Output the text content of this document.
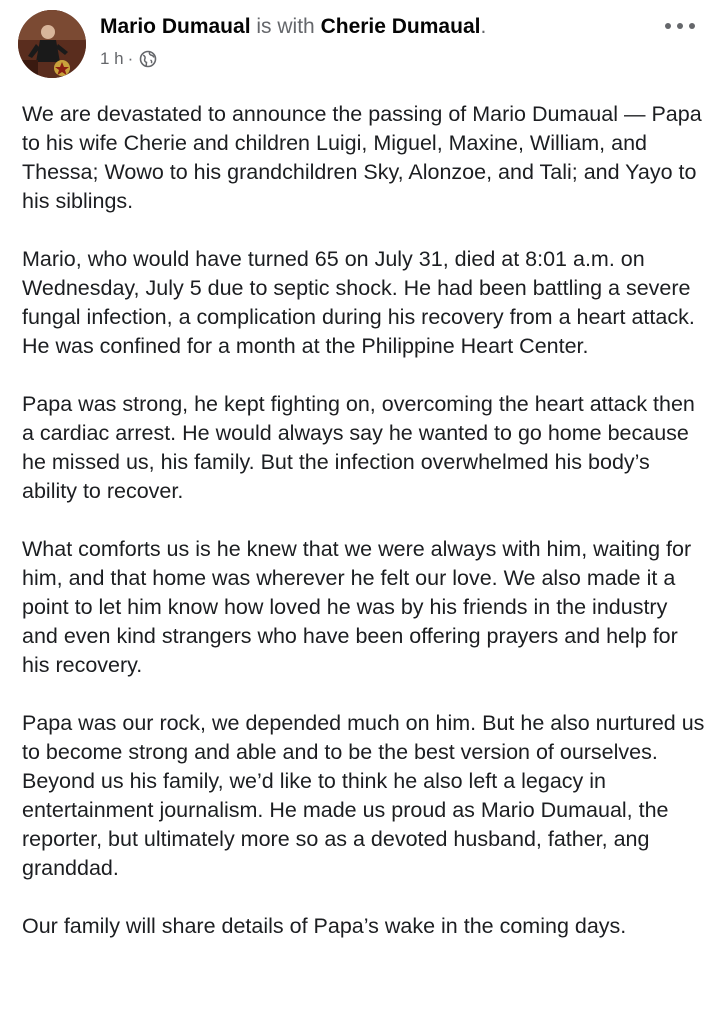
Mario Dumaual is with Cherie Dumaual.
1 h ·

We are devastated to announce the passing of Mario Dumaual — Papa to his wife Cherie and children Luigi, Miguel, Maxine, William, and Thessa; Wowo to his grandchildren Sky, Alonzoe, and Tali; and Yayo to his siblings.

Mario, who would have turned 65 on July 31, died at 8:01 a.m. on Wednesday, July 5 due to septic shock. He had been battling a severe fungal infection, a complication during his recovery from a heart attack. He was confined for a month at the Philippine Heart Center.

Papa was strong, he kept fighting on, overcoming the heart attack then a cardiac arrest. He would always say he wanted to go home because he missed us, his family. But the infection overwhelmed his body’s ability to recover.

What comforts us is he knew that we were always with him, waiting for him, and that home was wherever he felt our love. We also made it a point to let him know how loved he was by his friends in the industry and even kind strangers who have been offering prayers and help for his recovery.

Papa was our rock, we depended much on him. But he also nurtured us to become strong and able and to be the best version of ourselves. Beyond us his family, we’d like to think he also left a legacy in entertainment journalism. He made us proud as Mario Dumaual, the reporter, but ultimately more so as a devoted husband, father, ang granddad.

Our family will share details of Papa’s wake in the coming days.
